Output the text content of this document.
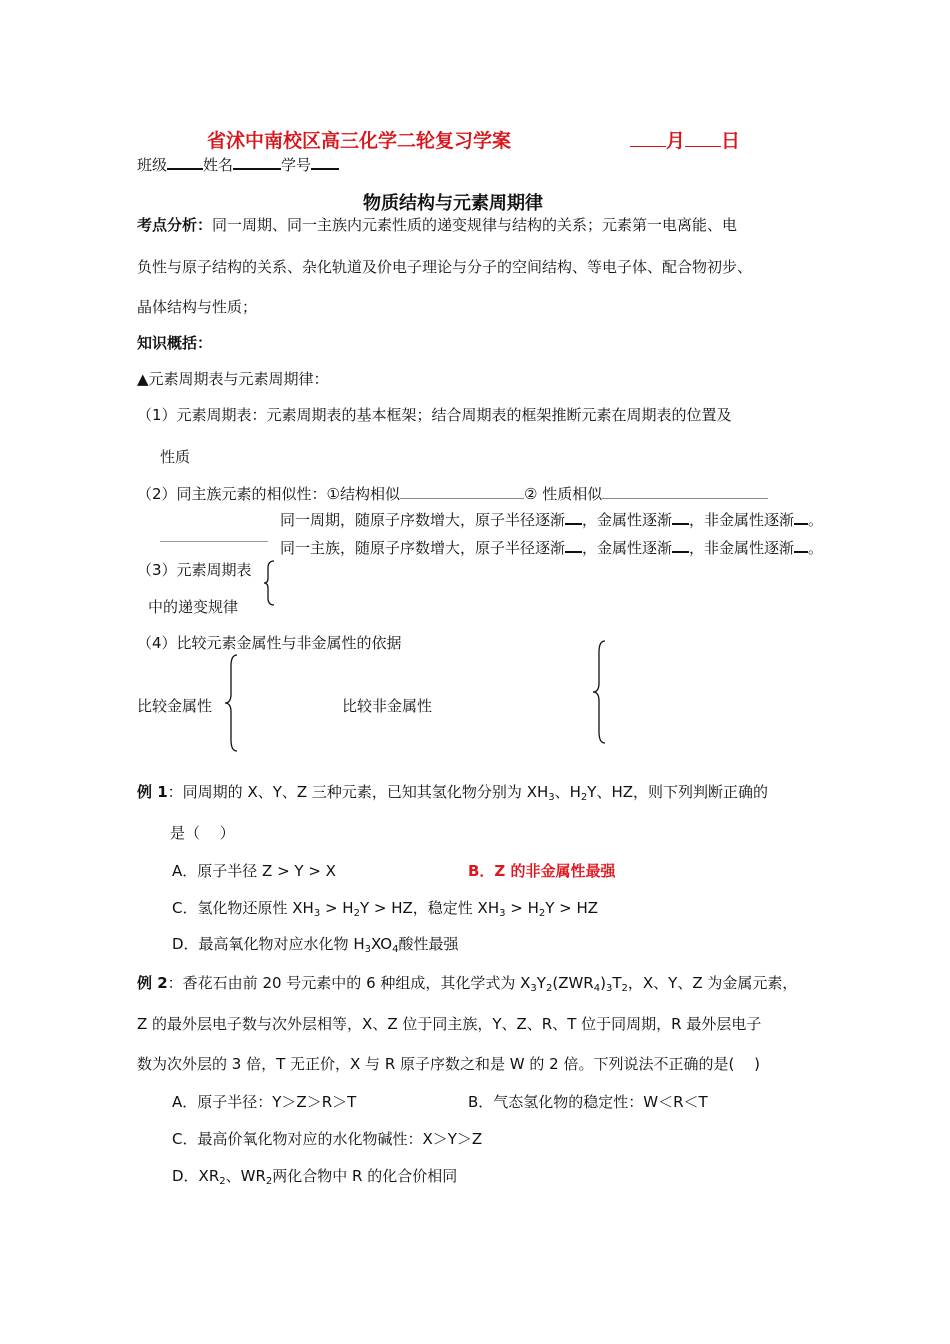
省沭中南校区高三化学二轮复习学案	月 日
班级 姓名	学号
物质结构与元素周期律
考点分析：同一周期、同一主族内元素性质的递变规律与结构的关系；元素第一电离能、电
负性与原子结构的关系、杂化轨道及价电子理论与分子的空间结构、等电子体、配合物初步、
晶体结构与性质；
知识概括：
▲元素周期表与元素周期律：
（1）元素周期表：元素周期表的基本框架；结合周期表的框架推断元素在周期表的位置及
性质
（2）同主族元素的相似性：①结构相似	② 性质相似
同一周期，随原子序数增大，原子半径逐渐 ，金属性逐渐 ，非金属性逐渐 。
同一主族，随原子序数增大，原子半径逐渐 ，金属性逐渐 ，非金属性逐渐 。
（3）元素周期表
中的递变规律
（4）比较元素金属性与非金属性的依据
比较金属性	比较非金属性
例 1：同周期的 X、Y、Z 三种元素，已知其氢化物分别为 $XH_3$、$H_2Y$、HZ，则下列判断正确的
是（　 ）
A．原子半径 Z > Y > X	B．Z 的非金属性最强
C．氢化物还原性 $XH_3 > H_2Y$ > HZ，稳定性 $XH_3 > H_2Y$ > HZ
D．最高氧化物对应水化物 $H_3XO_4$酸性最强
例 2：香花石由前 20 号元素中的 6 种组成，其化学式为 $X_3Y_2(ZWR_4)_3T_2$，X、Y、Z 为金属元素，
Z 的最外层电子数与次外层相等，X、Z 位于同主族，Y、Z、R、T 位于同周期，R 最外层电子
数为次外层的 3 倍，T 无正价，X 与 R 原子序数之和是 W 的 2 倍。下列说法不正确的是(　 )
A．原子半径：Y＞Z＞R＞T	B．气态氢化物的稳定性：W＜R＜T
C．最高价氧化物对应的水化物碱性：X＞Y＞Z
D．$XR_2$、$WR_2$两化合物中 R 的化合价相同
